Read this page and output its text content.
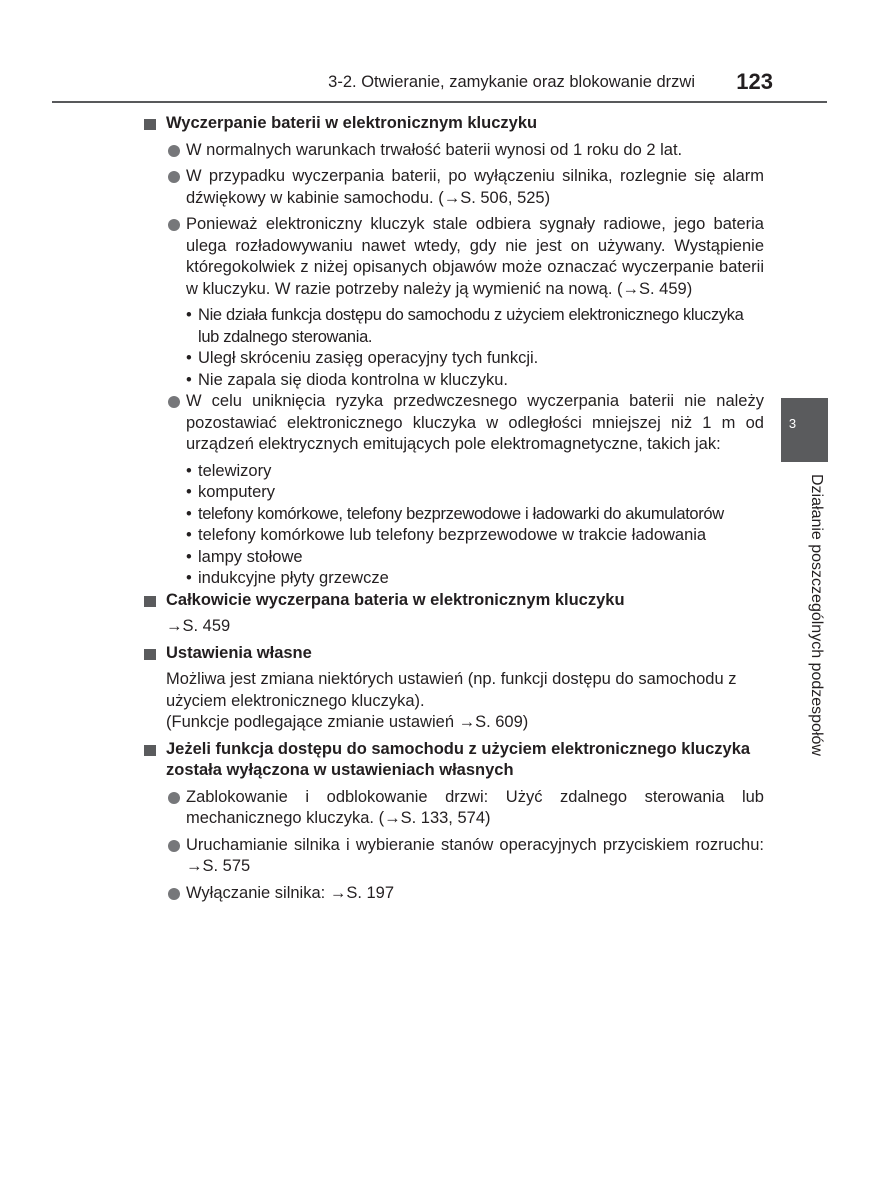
3-2. Otwieranie, zamykanie oraz blokowanie drzwi 123
Wyczerpanie baterii w elektronicznym kluczyku
W normalnych warunkach trwałość baterii wynosi od 1 roku do 2 lat.
W przypadku wyczerpania baterii, po wyłączeniu silnika, rozlegnie się alarm dźwiękowy w kabinie samochodu. (→S. 506, 525)
Ponieważ elektroniczny kluczyk stale odbiera sygnały radiowe, jego bateria ulega rozładowywaniu nawet wtedy, gdy nie jest on używany. Wystąpienie któregokolwiek z niżej opisanych objawów może oznaczać wyczerpanie baterii w kluczyku. W razie potrzeby należy ją wymienić na nową. (→S. 459)
• Nie działa funkcja dostępu do samochodu z użyciem elektronicznego kluczyka lub zdalnego sterowania.
• Uległ skróceniu zasięg operacyjny tych funkcji.
• Nie zapala się dioda kontrolna w kluczyku.
W celu uniknięcia ryzyka przedwczesnego wyczerpania baterii nie należy pozostawiać elektronicznego kluczyka w odległości mniejszej niż 1 m od urządzeń elektrycznych emitujących pole elektromagnetyczne, takich jak:
• telewizory
• komputery
• telefony komórkowe, telefony bezprzewodowe i ładowarki do akumulatorów
• telefony komórkowe lub telefony bezprzewodowe w trakcie ładowania
• lampy stołowe
• indukcyjne płyty grzewcze
Całkowicie wyczerpana bateria w elektronicznym kluczyku
→S. 459
Ustawienia własne
Możliwa jest zmiana niektórych ustawień (np. funkcji dostępu do samochodu z użyciem elektronicznego kluczyka).
(Funkcje podlegające zmianie ustawień →S. 609)
Jeżeli funkcja dostępu do samochodu z użyciem elektronicznego kluczyka została wyłączona w ustawieniach własnych
Zablokowanie i odblokowanie drzwi: Użyć zdalnego sterowania lub mechanicznego kluczyka. (→S. 133, 574)
Uruchamianie silnika i wybieranie stanów operacyjnych przyciskiem rozruchu: →S. 575
Wyłączanie silnika: →S. 197
3
Działanie poszczególnych podzespołów
